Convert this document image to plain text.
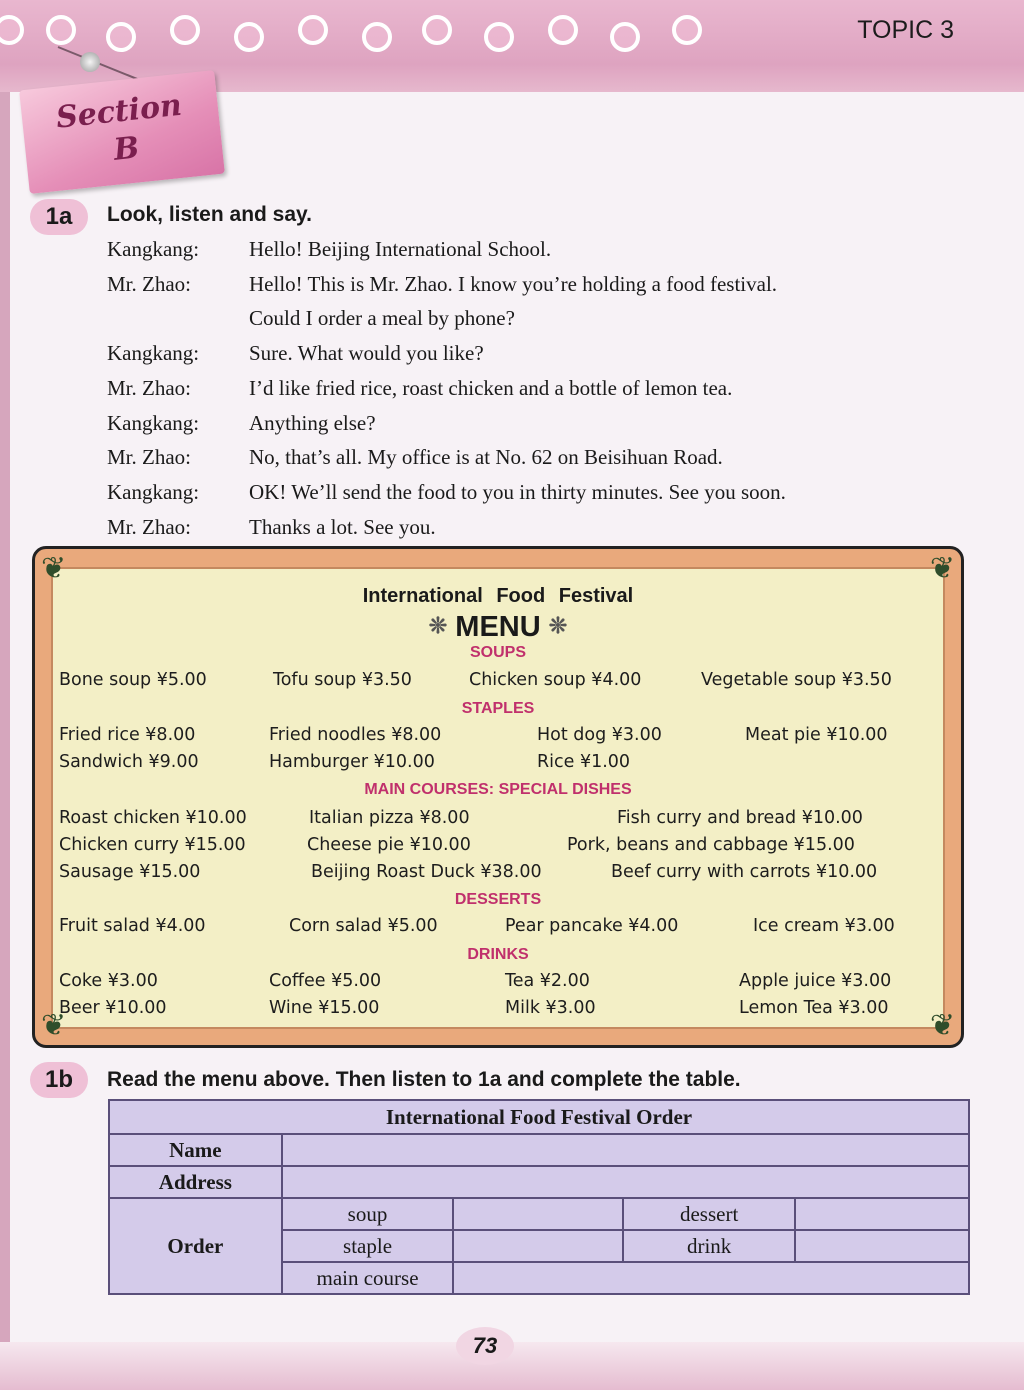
TOPIC 3
Section
B
1a	Look, listen and say.
Kangkang:	Hello! Beijing International School.
Mr. Zhao:	Hello! This is Mr. Zhao. I know you’re holding a food festival.
Could I order a meal by phone?
Kangkang:	Sure. What would you like?
Mr. Zhao:	I’d like fried rice, roast chicken and a bottle of lemon tea.
Kangkang:	Anything else?
Mr. Zhao:	No, that’s all. My office is at No. 62 on Beisihuan Road.
Kangkang:	OK! We’ll send the food to you in thirty minutes. See you soon.
Mr. Zhao:	Thanks a lot. See you.
❦	❦
❦	❦
International Food Festival
❊ MENU ❊
SOUPS
Bone soup ¥5.00	Tofu soup ¥3.50	Chicken soup ¥4.00	Vegetable soup ¥3.50
STAPLES
Fried rice ¥8.00	Fried noodles ¥8.00	Hot dog ¥3.00	Meat pie ¥10.00
Sandwich ¥9.00	Hamburger ¥10.00	Rice ¥1.00
MAIN COURSES: SPECIAL DISHES
Roast chicken ¥10.00	Italian pizza ¥8.00	Fish curry and bread ¥10.00
Chicken curry ¥15.00	Cheese pie ¥10.00	Pork, beans and cabbage ¥15.00
Sausage ¥15.00	Beijing Roast Duck ¥38.00	Beef curry with carrots ¥10.00
DESSERTS
Fruit salad ¥4.00	Corn salad ¥5.00	Pear pancake ¥4.00	Ice cream ¥3.00
DRINKS
Coke ¥3.00	Coffee ¥5.00	Tea ¥2.00	Apple juice ¥3.00
Beer ¥10.00	Wine ¥15.00	Milk ¥3.00	Lemon Tea ¥3.00
1b	Read the menu above. Then listen to 1a and complete the table.
International Food Festival Order				
Name				
Address				
Order	soup		dessert	
	staple		drink	
	main course			
73
